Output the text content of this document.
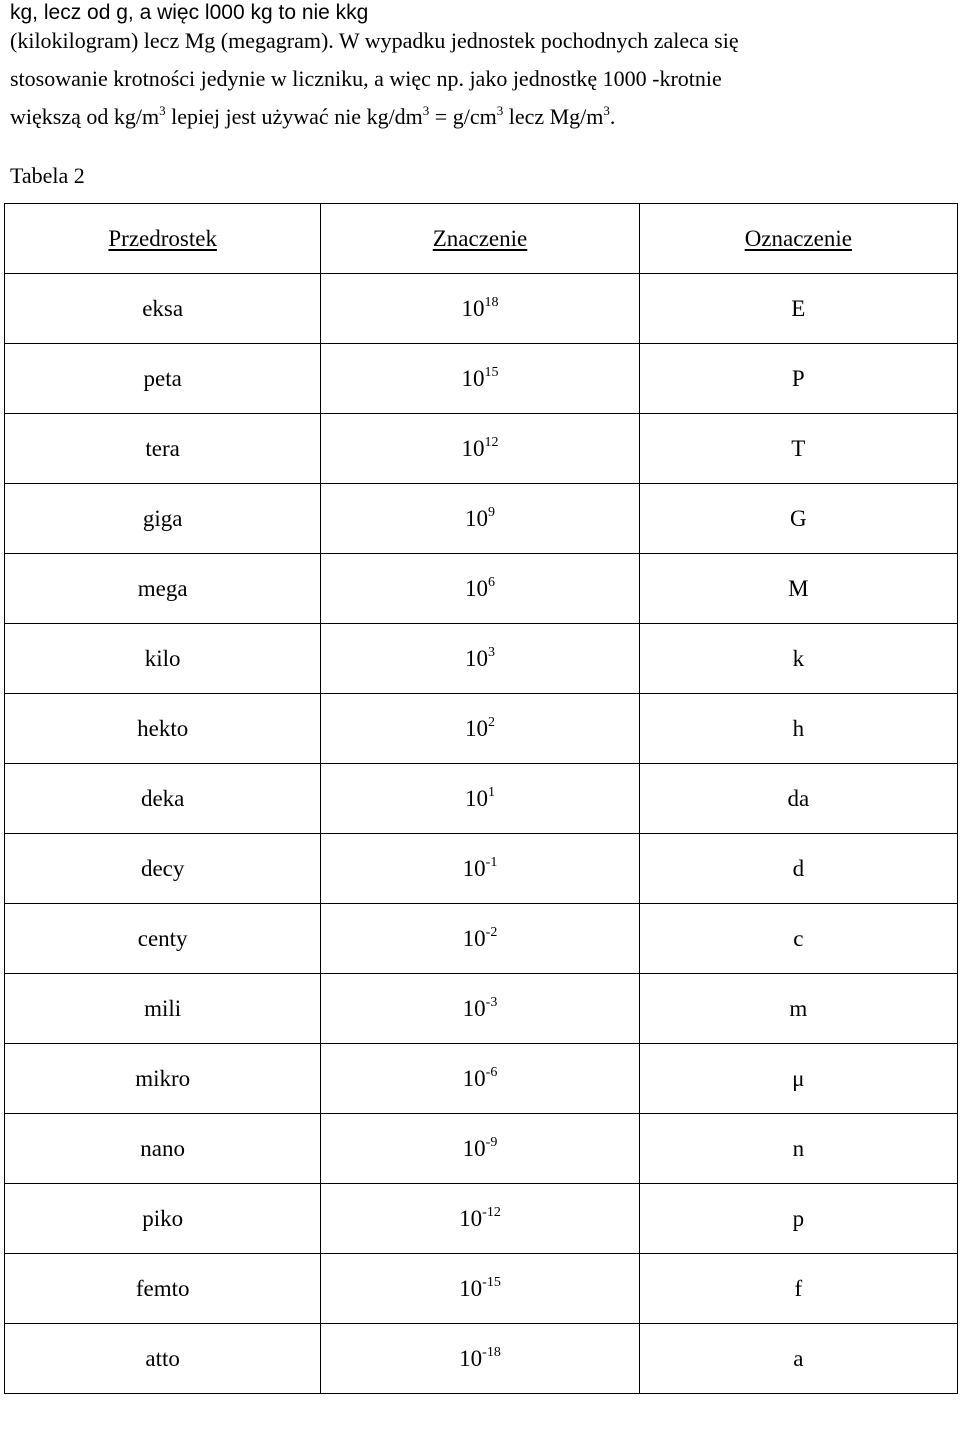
kg, lecz od g, a więc l000 kg to nie kkg
(kilokilogram) lecz Mg (megagram). W wypadku jednostek pochodnych zaleca się
stosowanie krotności jedynie w liczniku, a więc np. jako jednostkę 1000 -krotnie
większą od $kg/m^3$ lepiej jest używać nie $kg/dm^3 = g/cm^3$ lecz $Mg/m^3$.
Tabela 2
Przedrostek	Znaczenie	Oznaczenie
eksa	$10^{18}$	E
peta	$10^{15}$	P
tera	$10^{12}$	T
giga	$10^9$	G
mega	$10^6$	M
kilo	$10^3$	k
hekto	$10^2$	h
deka	$10^1$	da
decy	$10^{-1}$	d
centy	$10^{-2}$	c
mili	$10^{-3}$	m
mikro	$10^{-6}$	μ
nano	$10^{-9}$	n
piko	$10^{-12}$	p
femto	$10^{-15}$	f
atto	$10^{-18}$	a
